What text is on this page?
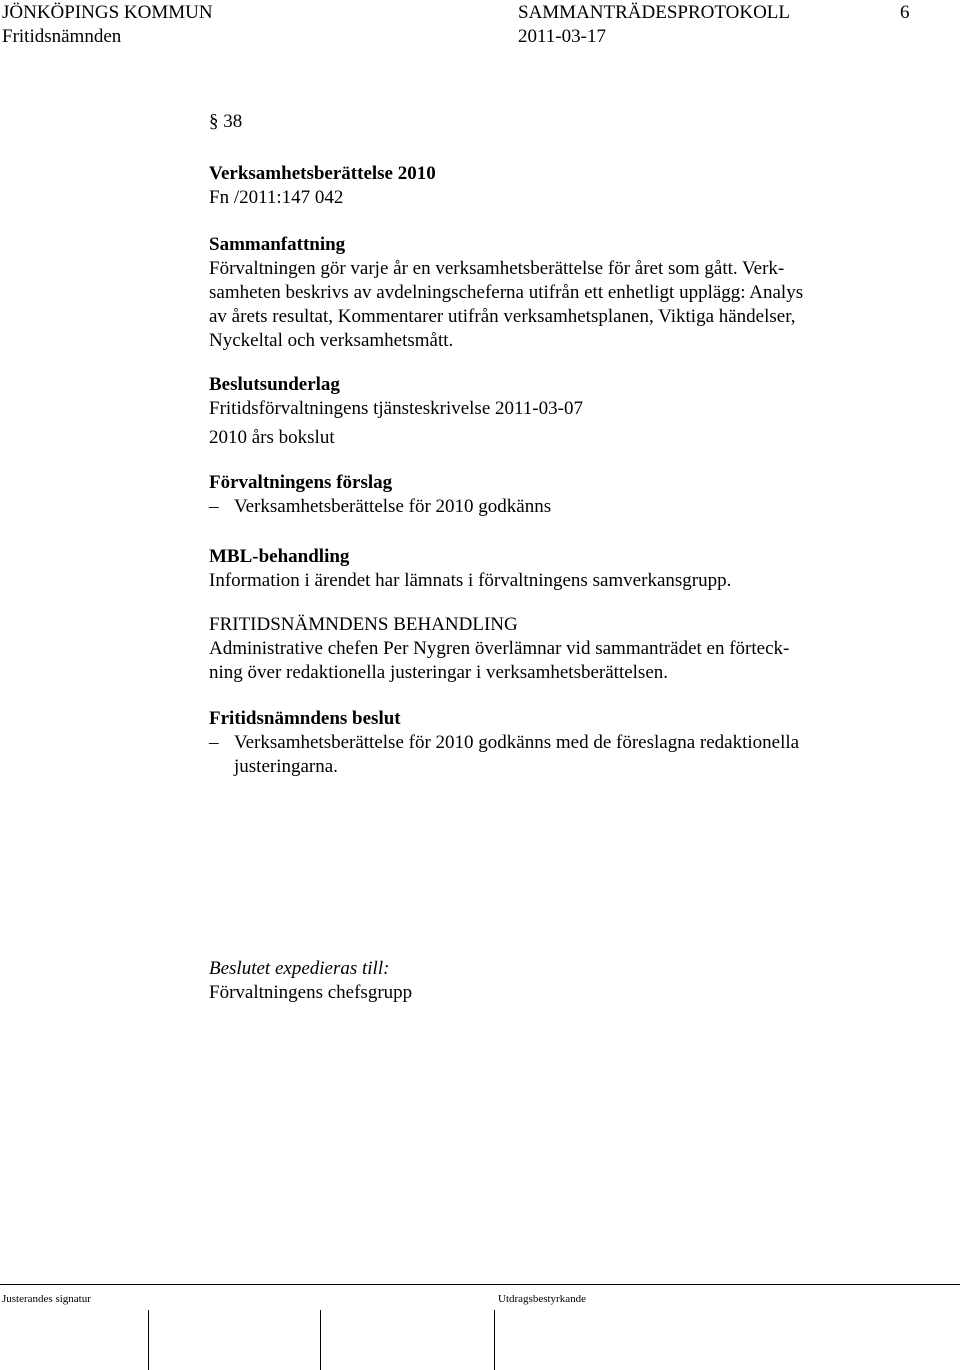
JÖNKÖPINGS KOMMUN	SAMMANTRÄDESPROTOKOLL	6
Fritidsnämnden	2011-03-17
§ 38
Verksamhetsberättelse 2010
Fn /2011:147 042
Sammanfattning
Förvaltningen gör varje år en verksamhetsberättelse för året som gått. Verk-
samheten beskrivs av avdelningscheferna utifrån ett enhetligt upplägg: Analys
av årets resultat, Kommentarer utifrån verksamhetsplanen, Viktiga händelser,
Nyckeltal och verksamhetsmått.
Beslutsunderlag
Fritidsförvaltningens tjänsteskrivelse 2011-03-07
2010 års bokslut
Förvaltningens förslag
– Verksamhetsberättelse för 2010 godkänns
MBL-behandling
Information i ärendet har lämnats i förvaltningens samverkansgrupp.
FRITIDSNÄMNDENS BEHANDLING
Administrative chefen Per Nygren överlämnar vid sammanträdet en förteck-
ning över redaktionella justeringar i verksamhetsberättelsen.
Fritidsnämndens beslut
– Verksamhetsberättelse för 2010 godkänns med de föreslagna redaktionella
justeringarna.
Beslutet expedieras till:
Förvaltningens chefsgrupp
Justerandes signatur	Utdragsbestyrkande
